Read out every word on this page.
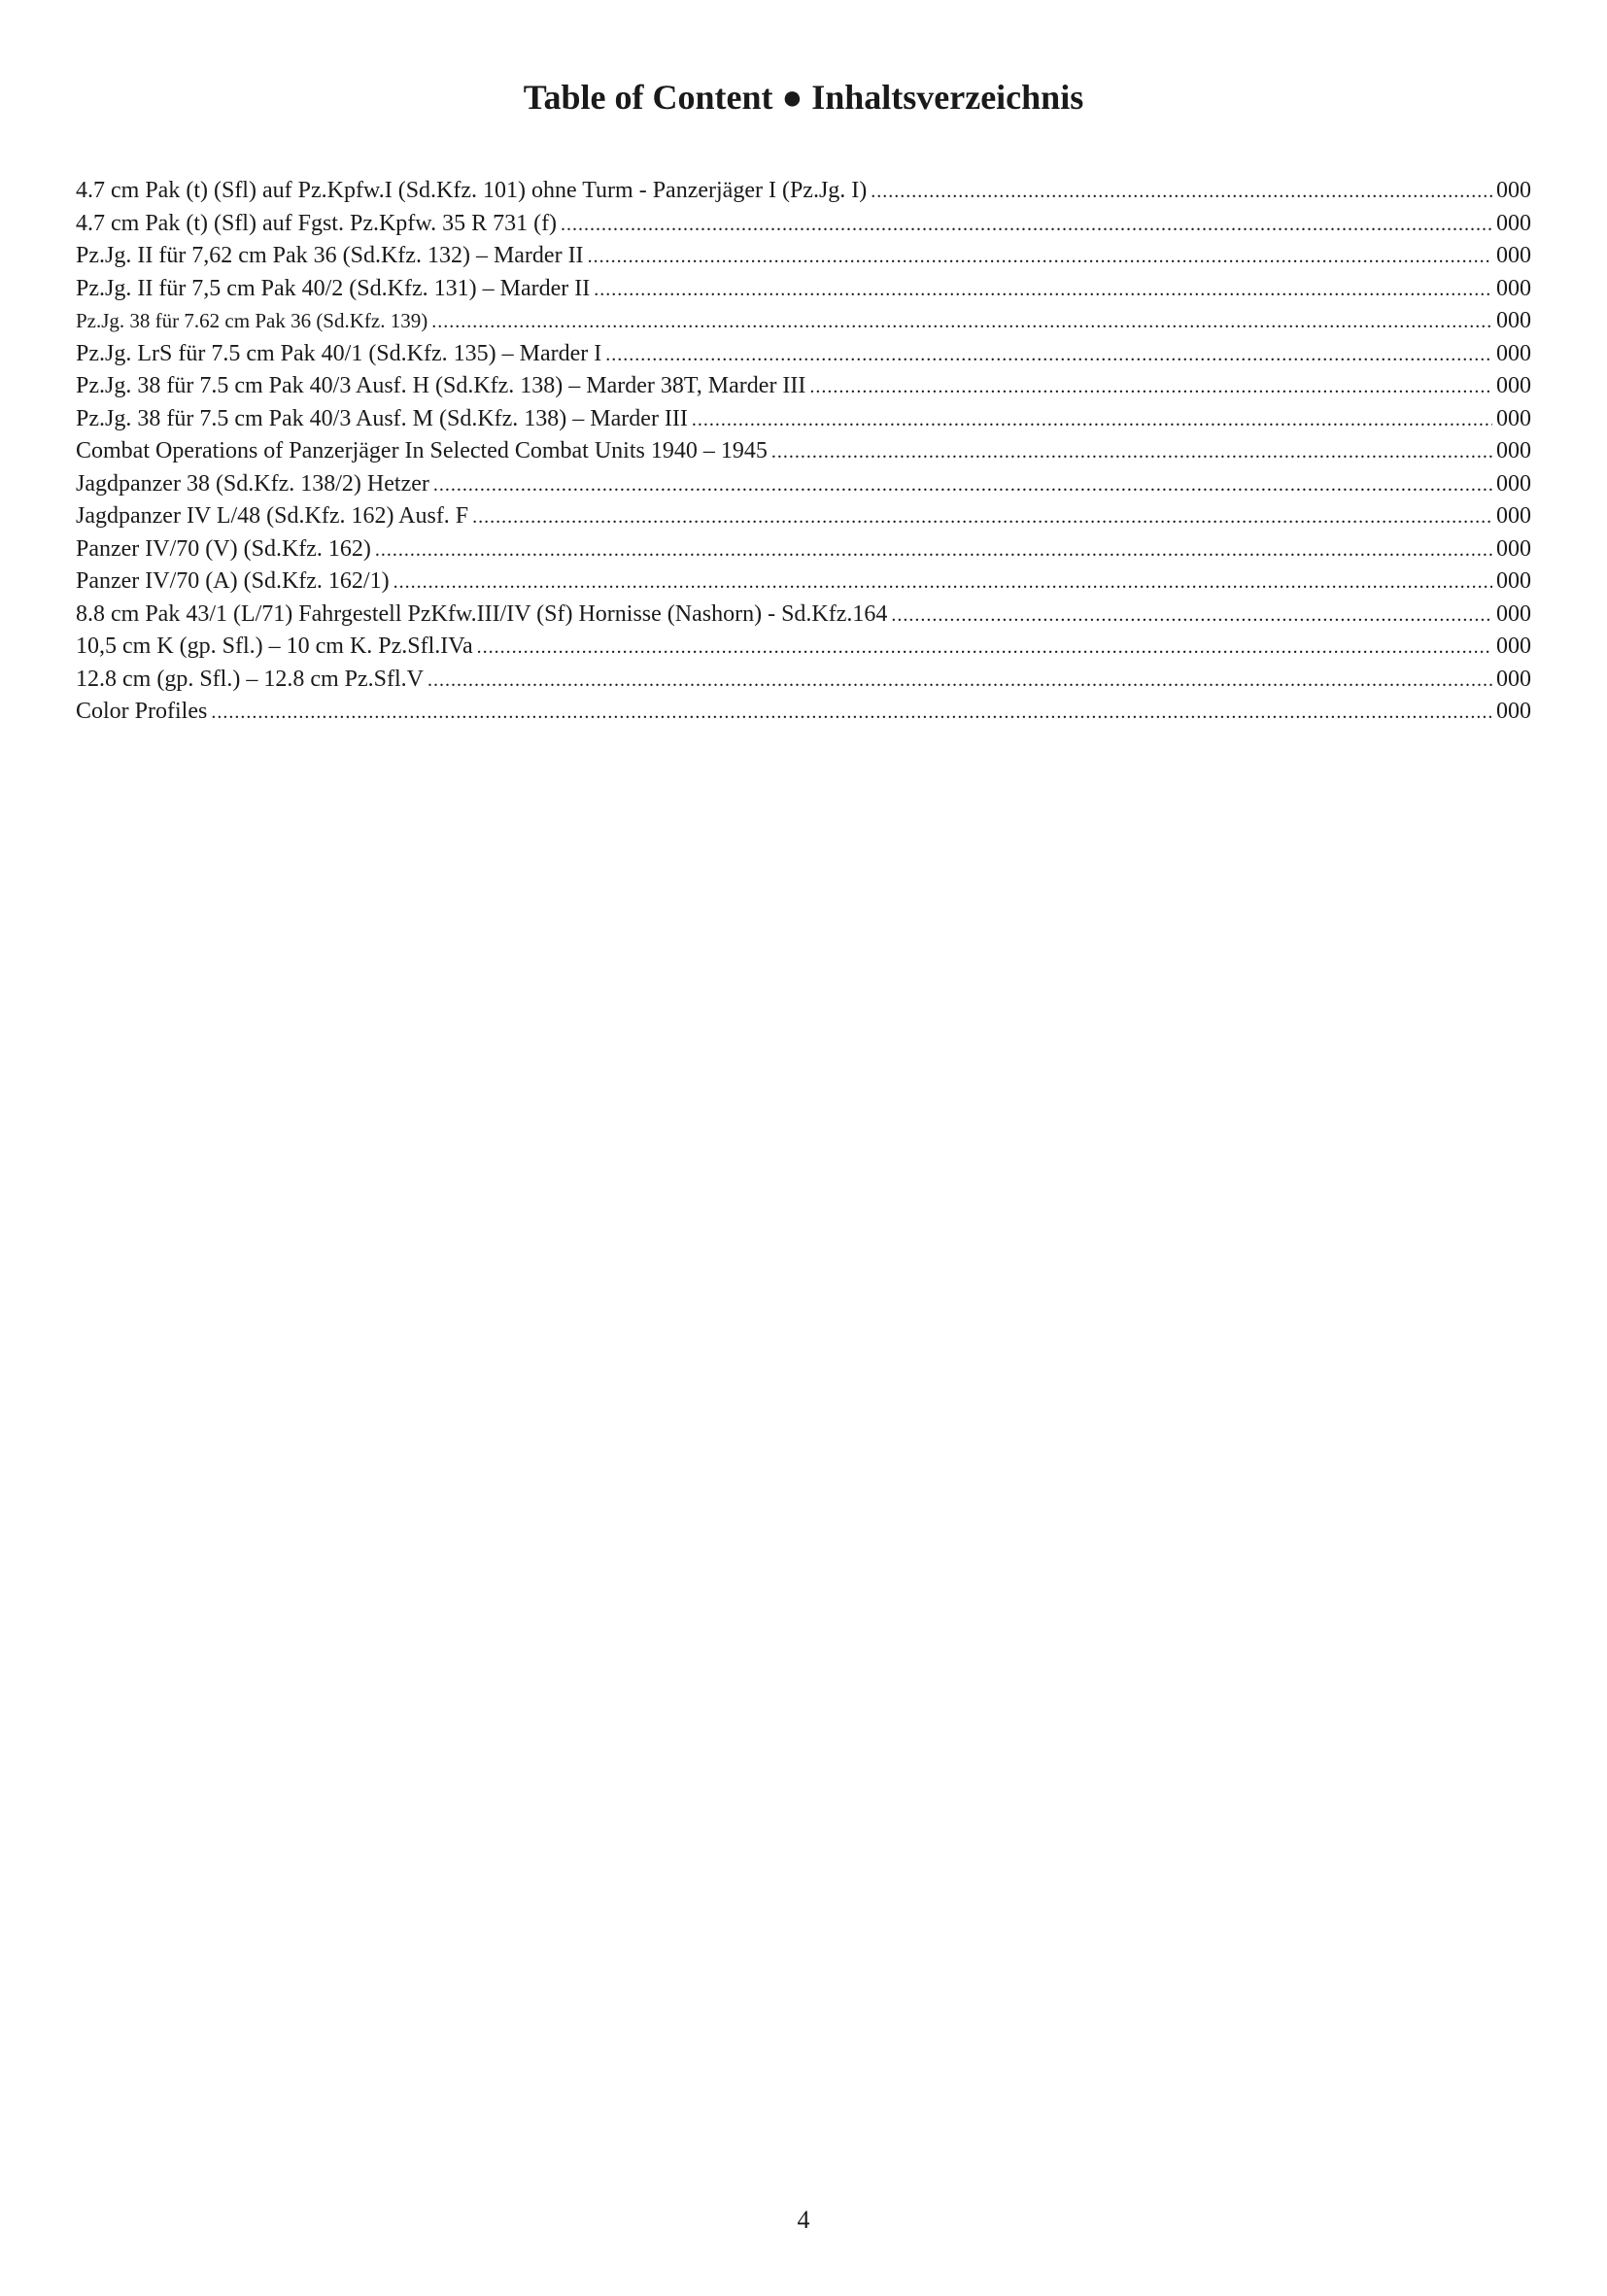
Table of Content ● Inhaltsverzeichnis
4.7 cm Pak (t) (Sfl) auf Pz.Kpfw.I (Sd.Kfz. 101) ohne Turm - Panzerjäger I (Pz.Jg. I) .....	000
4.7 cm Pak (t) (Sfl) auf Fgst. Pz.Kpfw. 35 R 731 (f) .....	000
Pz.Jg. II für 7,62 cm Pak 36 (Sd.Kfz. 132) – Marder II .....	000
Pz.Jg. II für 7,5 cm Pak 40/2 (Sd.Kfz. 131) – Marder II .....	000
Pz.Jg. 38 für 7.62 cm Pak 36 (Sd.Kfz. 139) .....	000
Pz.Jg. LrS für 7.5 cm Pak 40/1 (Sd.Kfz. 135) – Marder I .....	000
Pz.Jg. 38 für 7.5 cm Pak 40/3 Ausf. H (Sd.Kfz. 138) – Marder 38T, Marder III .....	000
Pz.Jg. 38 für 7.5 cm Pak 40/3 Ausf. M (Sd.Kfz. 138) – Marder III .....	000
Combat Operations of Panzerjäger In Selected Combat Units 1940 – 1945 .....	000
Jagdpanzer 38 (Sd.Kfz. 138/2) Hetzer .....	000
Jagdpanzer IV L/48 (Sd.Kfz. 162) Ausf. F .....	000
Panzer IV/70 (V) (Sd.Kfz. 162) .....	000
Panzer IV/70 (A) (Sd.Kfz. 162/1) .....	000
8.8 cm Pak 43/1 (L/71) Fahrgestell PzKfw.III/IV (Sf) Hornisse (Nashorn) - Sd.Kfz.164 .....	000
10,5 cm K (gp. Sfl.) – 10 cm K. Pz.Sfl.IVa .....	000
12.8 cm (gp. Sfl.) – 12.8 cm Pz.Sfl.V .....	000
Color Profiles .....	000
4
